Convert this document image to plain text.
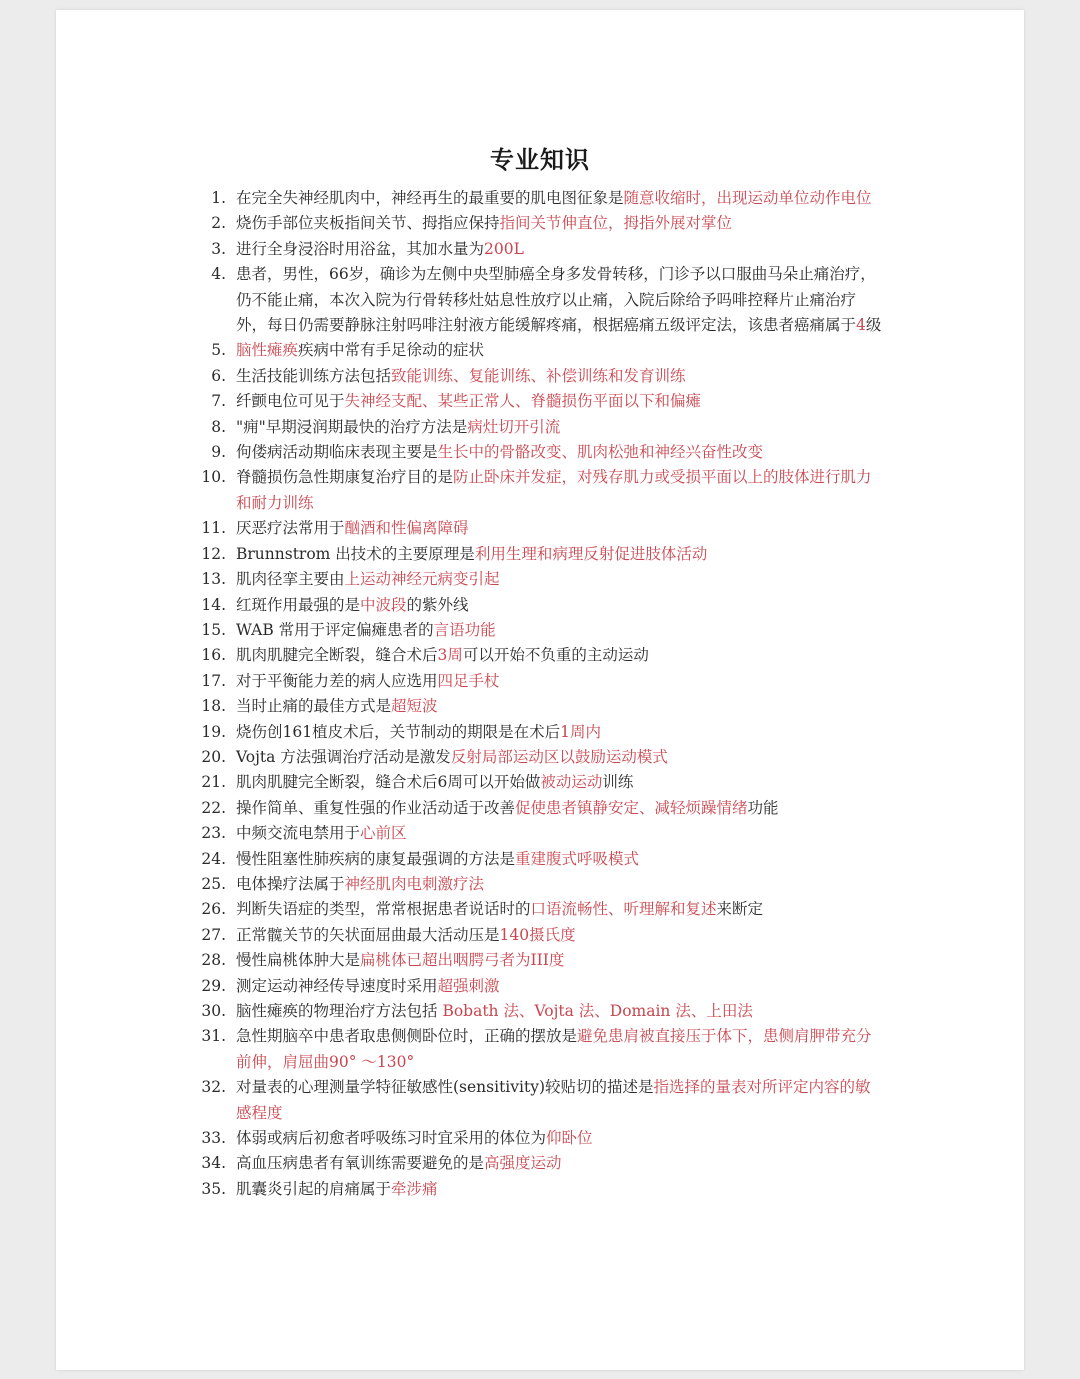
专业知识
1. 在完全失神经肌肉中，神经再生的最重要的肌电图征象是随意收缩时，出现运动单位动作电位
2. 烧伤手部位夹板指间关节、拇指应保持指间关节伸直位，拇指外展对掌位
3. 进行全身浸浴时用浴盆，其加水量为200L
4. 患者，男性，66岁，确诊为左侧中央型肺癌全身多发骨转移，门诊予以口服曲马朵止痛治疗，仍不能止痛，本次入院为行骨转移灶姑息性放疗以止痛，入院后除给予吗啡控释片止痛治疗外，每日仍需要静脉注射吗啡注射液方能缓解疼痛，根据癌痛五级评定法，该患者癌痛属于4级
5. 脑性瘫痪疾病中常有手足徐动的症状
6. 生活技能训练方法包括致能训练、复能训练、补偿训练和发育训练
7. 纤颤电位可见于失神经支配、某些正常人、脊髓损伤平面以下和偏瘫
8. "痈"早期浸润期最快的治疗方法是病灶切开引流
9. 佝偻病活动期临床表现主要是生长中的骨骼改变、肌肉松弛和神经兴奋性改变
10. 脊髓损伤急性期康复治疗目的是防止卧床并发症，对残存肌力或受损平面以上的肢体进行肌力和耐力训练
11. 厌恶疗法常用于酗酒和性偏离障碍
12. Brunnstrom 出技术的主要原理是利用生理和病理反射促进肢体活动
13. 肌肉径挛主要由上运动神经元病变引起
14. 红斑作用最强的是中波段的紫外线
15. WAB 常用于评定偏瘫患者的言语功能
16. 肌肉肌腱完全断裂，缝合术后3周可以开始不负重的主动运动
17. 对于平衡能力差的病人应选用四足手杖
18. 当时止痛的最佳方式是超短波
19. 烧伤创161植皮术后，关节制动的期限是在术后1周内
20. Vojta 方法强调治疗活动是激发反射局部运动区以鼓励运动模式
21. 肌肉肌腱完全断裂，缝合术后6周可以开始做被动运动训练
22. 操作简单、重复性强的作业活动适于改善促使患者镇静安定、减轻烦躁情绪功能
23. 中频交流电禁用于心前区
24. 慢性阻塞性肺疾病的康复最强调的方法是重建腹式呼吸模式
25. 电体操疗法属于神经肌肉电刺激疗法
26. 判断失语症的类型，常常根据患者说话时的口语流畅性、听理解和复述来断定
27. 正常髋关节的矢状面屈曲最大活动压是140摄氏度
28. 慢性扁桃体肿大是扁桃体已超出咽腭弓者为III度
29. 测定运动神经传导速度时采用超强刺激
30. 脑性瘫痪的物理治疗方法包括 Bobath 法、Vojta 法、Domain 法、上田法
31. 急性期脑卒中患者取患侧侧卧位时，正确的摆放是避免患肩被直接压于体下，患侧肩胛带充分前伸，肩屈曲90° ～130°
32. 对量表的心理测量学特征敏感性(sensitivity)较贴切的描述是指选择的量表对所评定内容的敏感程度
33. 体弱或病后初愈者呼吸练习时宜采用的体位为仰卧位
34. 高血压病患者有氧训练需要避免的是高强度运动
35. 肌囊炎引起的肩痛属于牵涉痛
